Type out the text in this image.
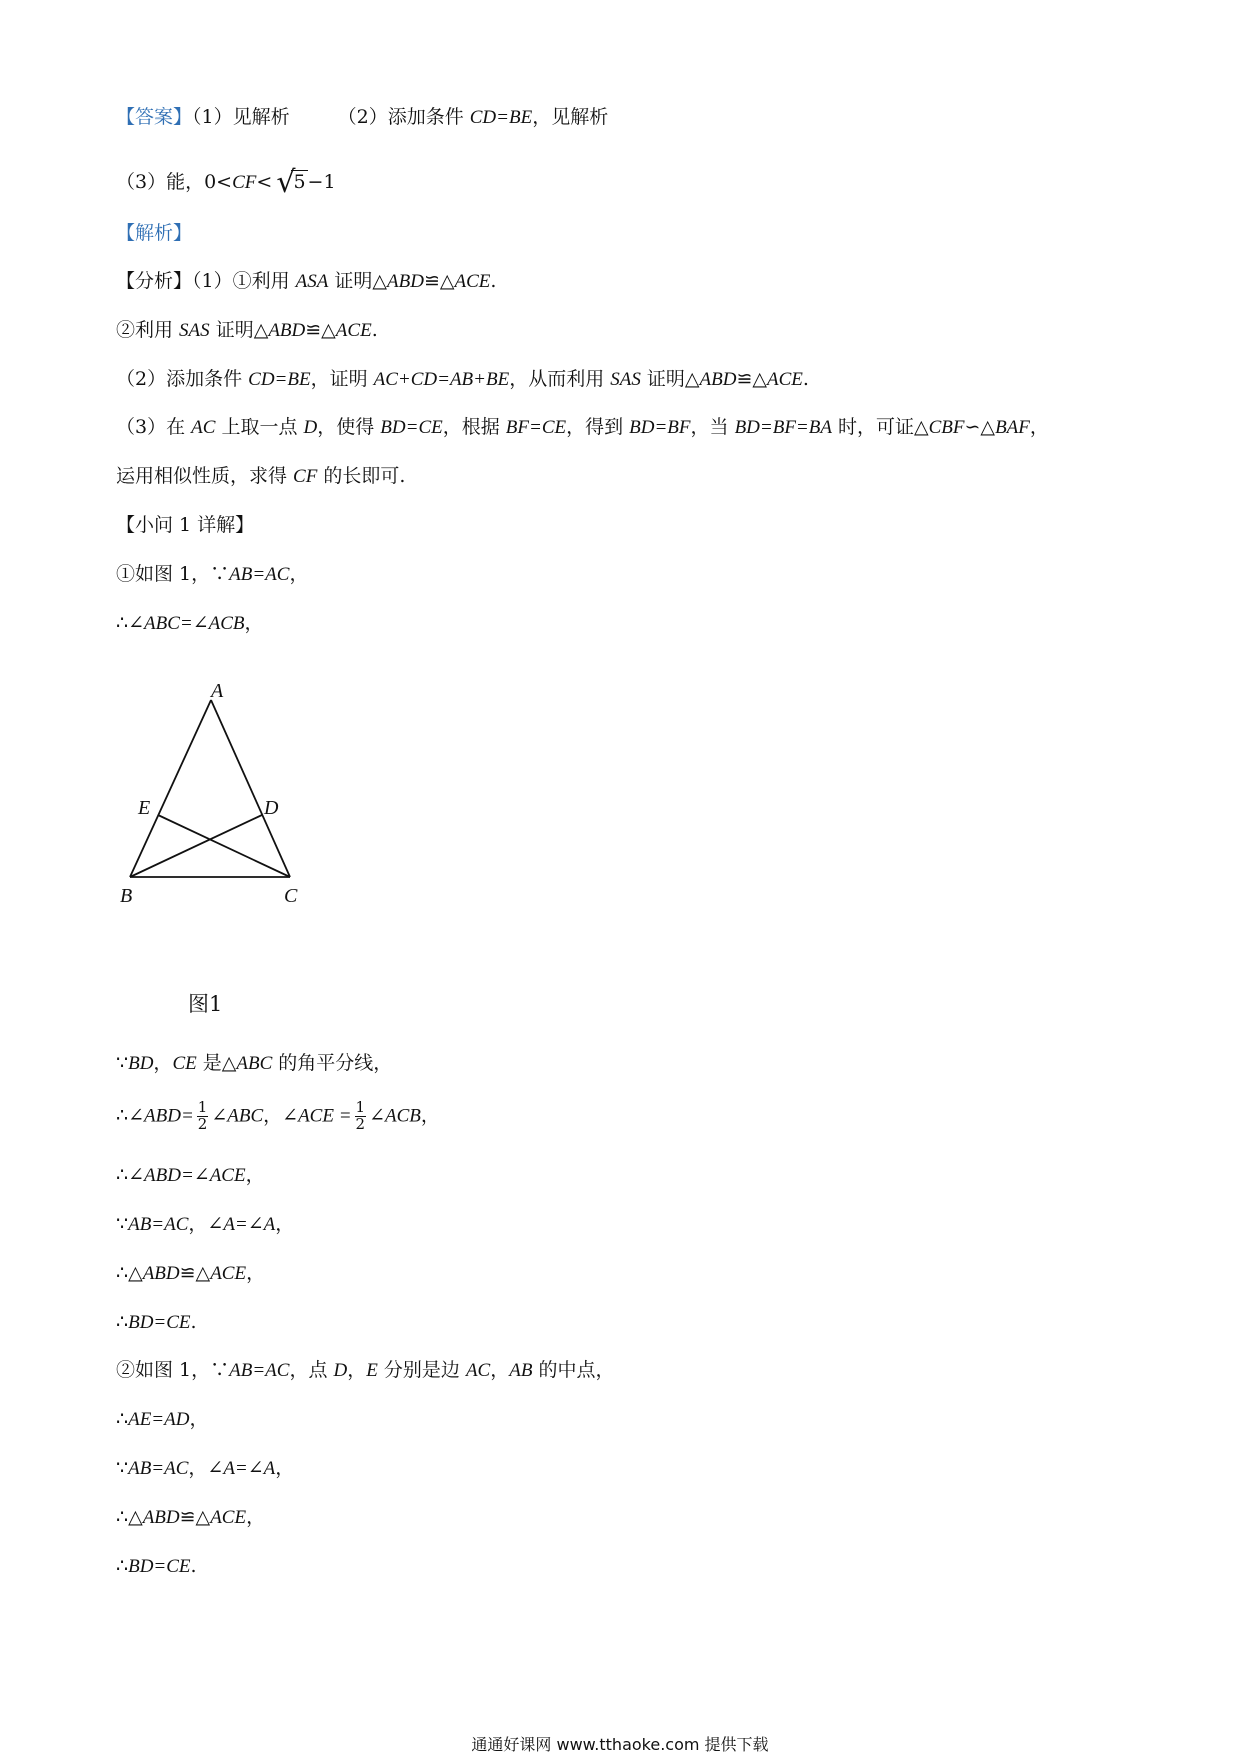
【答案】（1）见解析	（2）添加条件 CD=BE，见解析
（3）能，0<CF< √5 −1
【解析】
【分析】（1）①利用 ASA 证明△ABD≌△ACE.
②利用 SAS 证明△ABD≌△ACE.
（2）添加条件 CD=BE，证明 AC+CD=AB+BE，从而利用 SAS 证明△ABD≌△ACE.
（3）在 AC 上取一点 D，使得 BD=CE，根据 BF=CE，得到 BD=BF，当 BD=BF=BA 时，可证△CBF∽△BAF，
运用相似性质，求得 CF 的长即可.
【小问 1 详解】
①如图 1，∵AB=AC，
∴∠ABC=∠ACB，
A
E	D
B	C
图1
∵BD，CE 是△ABC 的角平分线，
∴∠ABD= $\frac{1}{2}$ ∠ABC，∠ACE = $\frac{1}{2}$ ∠ACB，
∴∠ABD=∠ACE，
∵AB=AC，∠A=∠A，
∴△ABD≌△ACE，
∴BD=CE.
②如图 1，∵AB=AC，点 D，E 分别是边 AC，AB 的中点，
∴AE=AD，
∵AB=AC，∠A=∠A，
∴△ABD≌△ACE，
∴BD=CE.
通通好课网 www.tthaoke.com 提供下载
